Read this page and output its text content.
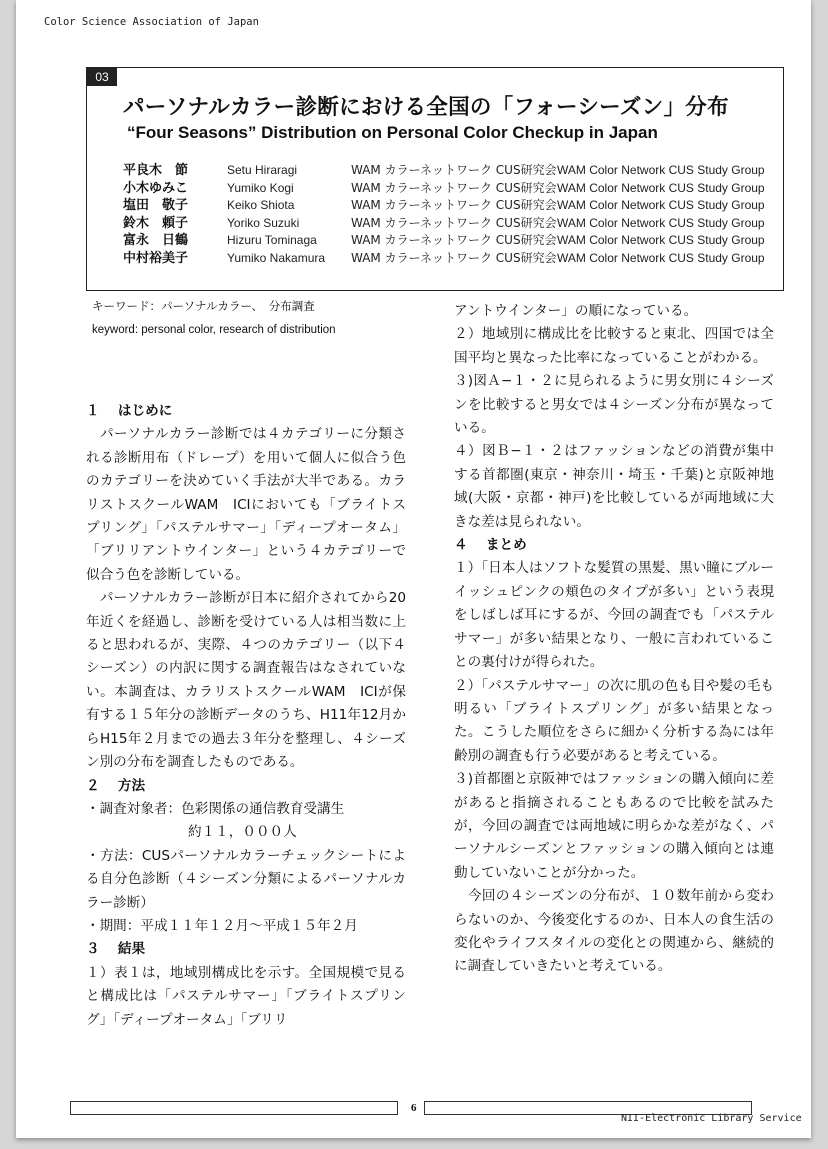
Color Science Association of Japan
03
パーソナルカラー診断における全国の「フォーシーズン」分布
“Four Seasons” Distribution on Personal Color Checkup in Japan
平良木　節	Setu Hiraragi	WAM カラーネットワーク CUS研究会 WAM Color Network CUS Study Group
小木ゆみこ	Yumiko Kogi	WAM カラーネットワーク CUS研究会 WAM Color Network CUS Study Group
塩田　敬子	Keiko Shiota	WAM カラーネットワーク CUS研究会 WAM Color Network CUS Study Group
鈴木　頼子	Yoriko Suzuki	WAM カラーネットワーク CUS研究会 WAM Color Network CUS Study Group
富永　日鶴	Hizuru Tominaga	WAM カラーネットワーク CUS研究会 WAM Color Network CUS Study Group
中村裕美子	Yumiko Nakamura WAM カラーネットワーク CUS研究会 WAM Color Network CUS Study Group
キーワード：パーソナルカラー、　分布調査
keyword: personal color, research of distribution

１　 はじめに

　パーソナルカラー診断では４カテゴリーに分類される診断用布（ドレープ）を用いて個人に似合う色のカテゴリーを決めていく手法が大半である。カラリストスクールWAM　ICIにおいても「ブライトスプリング」「パステルサマー」「ディープオータム」「ブリリアントウインター」という４カテゴリーで似合う色を診断している。

　パーソナルカラー診断が日本に紹介されてから20年近くを経過し、診断を受けている人は相当数に上ると思われるが、実際、４つのカテゴリー（以下４シーズン）の内訳に関する調査報告はなされていない。本調査は、カラリストスクールWAM　ICIが保有する１５年分の診断データのうち、H11年12月からH15年２月までの過去３年分を整理し、４シーズン別の分布を調査したものである。

２　 方法

・調査対象者：色彩関係の通信教育受講生

約１１，０００人

・方法：CUSパーソナルカラーチェックシートによる自分色診断（４シーズン分類によるパーソナルカラー診断）

・期間：平成１１年１２月〜平成１５年２月

３　 結果

１）表１は，地域別構成比を示す。全国規模で見ると構成比は「パステルサマー」「ブライトスプリング」「ディープオータム」「ブリリ

アントウインター」の順になっている。

２）地域別に構成比を比較すると東北、四国では全国平均と異なった比率になっていることがわかる。

３)図Ａ−１・２に見られるように男女別に４シーズンを比較すると男女では４シーズン分布が異なっている。

４）図Ｂ−１・２はファッションなどの消費が集中する首都圏(東京・神奈川・埼玉・千葉)と京阪神地域(大阪・京都・神戸)を比較しているが両地域に大きな差は見られない。

４　 まとめ

１）「日本人はソフトな髪質の黒髪、黒い瞳にブルーイッシュピンクの頬色のタイプが多い」という表現をしばしば耳にするが、今回の調査でも「パステルサマー」が多い結果となり、一般に言われていることの裏付けが得られた。

２）「パステルサマー」の次に肌の色も目や髪の毛も明るい「ブライトスプリング」が多い結果となった。こうした順位をさらに細かく分析する為には年齢別の調査も行う必要があると考えている。

３)首都圏と京阪神ではファッションの購入傾向に差があると指摘されることもあるので比較を試みたが，今回の調査では両地域に明らかな差がなく、パーソナルシーズンとファッションの購入傾向とは連動していないことが分かった。

　今回の４シーズンの分布が、１０数年前から変わらないのか、今後変化するのか、日本人の食生活の変化やライフスタイルの変化との関連から、継続的に調査していきたいと考えている。

6
NII-Electronic Library Service
